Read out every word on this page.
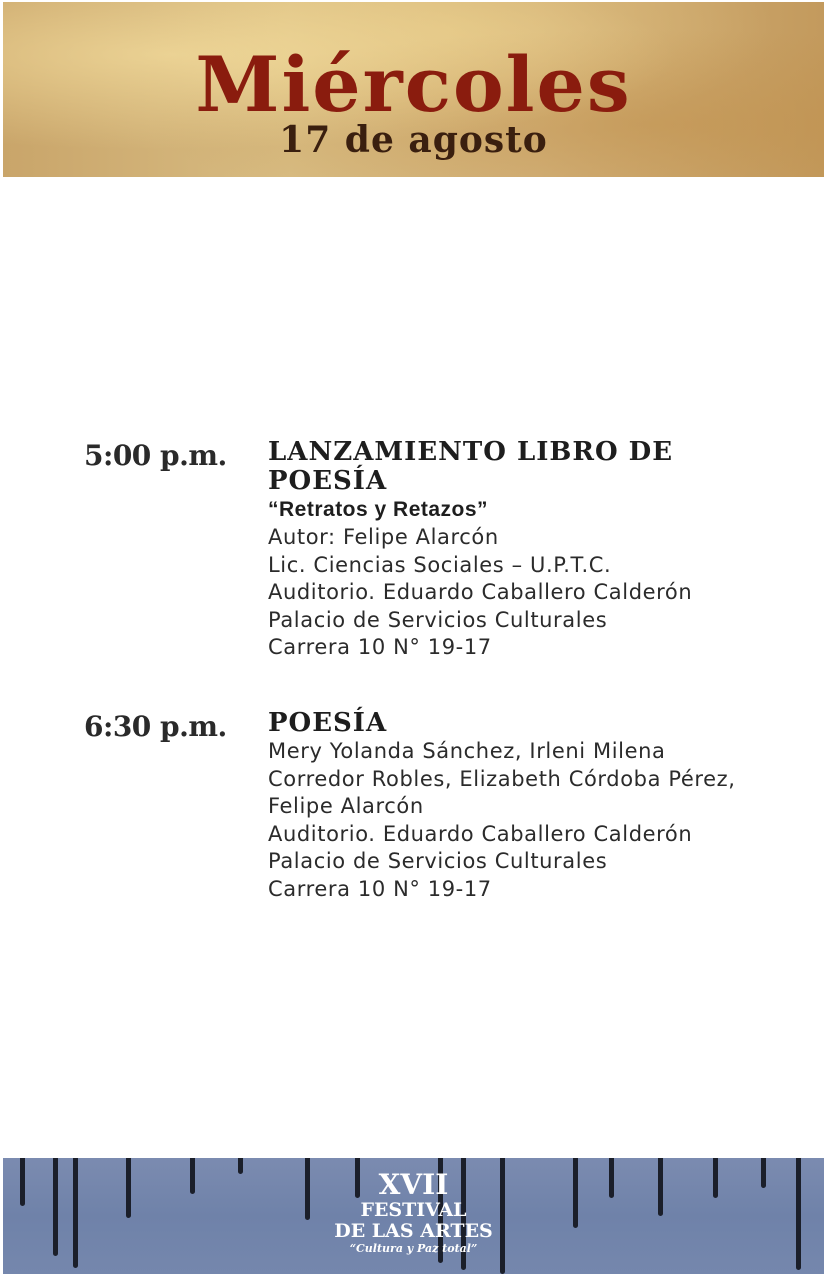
Miércoles
17 de agosto
5:00 p.m. LANZAMIENTO LIBRO DE
POESÍA
“Retratos y Retazos”
Autor: Felipe Alarcón
Lic. Ciencias Sociales – U.P.T.C.
Auditorio. Eduardo Caballero Calderón
Palacio de Servicios Culturales
Carrera 10 N° 19-17
6:30 p.m. POESÍA
Mery Yolanda Sánchez, Irleni Milena
Corredor Robles, Elizabeth Córdoba Pérez,
Felipe Alarcón
Auditorio. Eduardo Caballero Calderón
Palacio de Servicios Culturales
Carrera 10 N° 19-17
XVII
FESTIVAL
DE LAS ARTES
“Cultura y Paz total”
